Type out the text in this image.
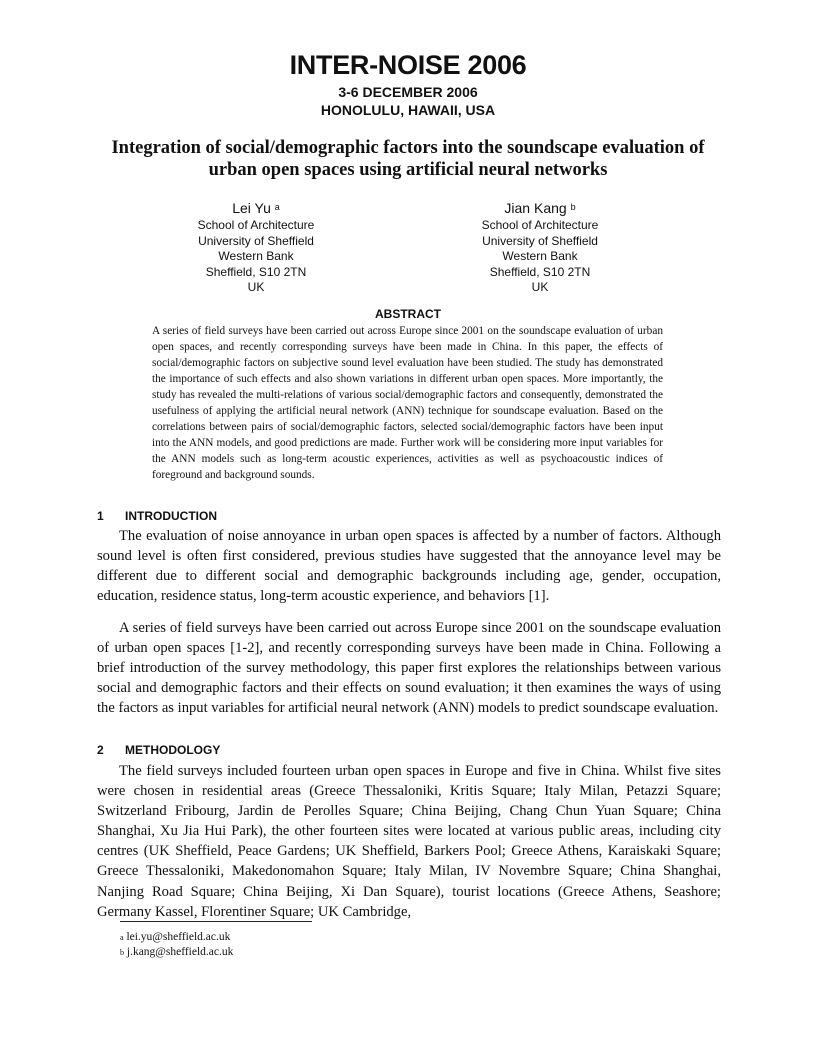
INTER-NOISE 2006
3-6 DECEMBER 2006
HONOLULU, HAWAII, USA
Integration of social/demographic factors into the soundscape evaluation of urban open spaces using artificial neural networks
Lei Yu $^a$
School of Architecture
University of Sheffield
Western Bank
Sheffield, S10 2TN
UK
Jian Kang $^b$
School of Architecture
University of Sheffield
Western Bank
Sheffield, S10 2TN
UK
ABSTRACT

A series of field surveys have been carried out across Europe since 2001 on the soundscape evaluation of urban open spaces, and recently corresponding surveys have been made in China. In this paper, the effects of social/demographic factors on subjective sound level evaluation have been studied. The study has demonstrated the importance of such effects and also shown variations in different urban open spaces. More importantly, the study has revealed the multi-relations of various social/demographic factors and consequently, demonstrated the usefulness of applying the artificial neural network (ANN) technique for soundscape evaluation. Based on the correlations between pairs of social/demographic factors, selected social/demographic factors have been input into the ANN models, and good predictions are made. Further work will be considering more input variables for the ANN models such as long-term acoustic experiences, activities as well as psychoacoustic indices of foreground and background sounds.

1 INTRODUCTION

The evaluation of noise annoyance in urban open spaces is affected by a number of factors. Although sound level is often first considered, previous studies have suggested that the annoyance level may be different due to different social and demographic backgrounds including age, gender, occupation, education, residence status, long-term acoustic experience, and behaviors [1].

A series of field surveys have been carried out across Europe since 2001 on the soundscape evaluation of urban open spaces [1-2], and recently corresponding surveys have been made in China. Following a brief introduction of the survey methodology, this paper first explores the relationships between various social and demographic factors and their effects on sound evaluation; it then examines the ways of using the factors as input variables for artificial neural network (ANN) models to predict soundscape evaluation.

2 METHODOLOGY

The field surveys included fourteen urban open spaces in Europe and five in China. Whilst five sites were chosen in residential areas (Greece Thessaloniki, Kritis Square; Italy Milan, Petazzi Square; Switzerland Fribourg, Jardin de Perolles Square; China Beijing, Chang Chun Yuan Square; China Shanghai, Xu Jia Hui Park), the other fourteen sites were located at various public areas, including city centres (UK Sheffield, Peace Gardens; UK Sheffield, Barkers Pool; Greece Athens, Karaiskaki Square; Greece Thessaloniki, Makedonomahon Square; Italy Milan, IV Novembre Square; China Shanghai, Nanjing Road Square; China Beijing, Xi Dan Square), tourist locations (Greece Athens, Seashore; Germany Kassel, Florentiner Square; UK Cambridge,

$^a$ lei.yu@sheffield.ac.uk
$^b$ j.kang@sheffield.ac.uk
